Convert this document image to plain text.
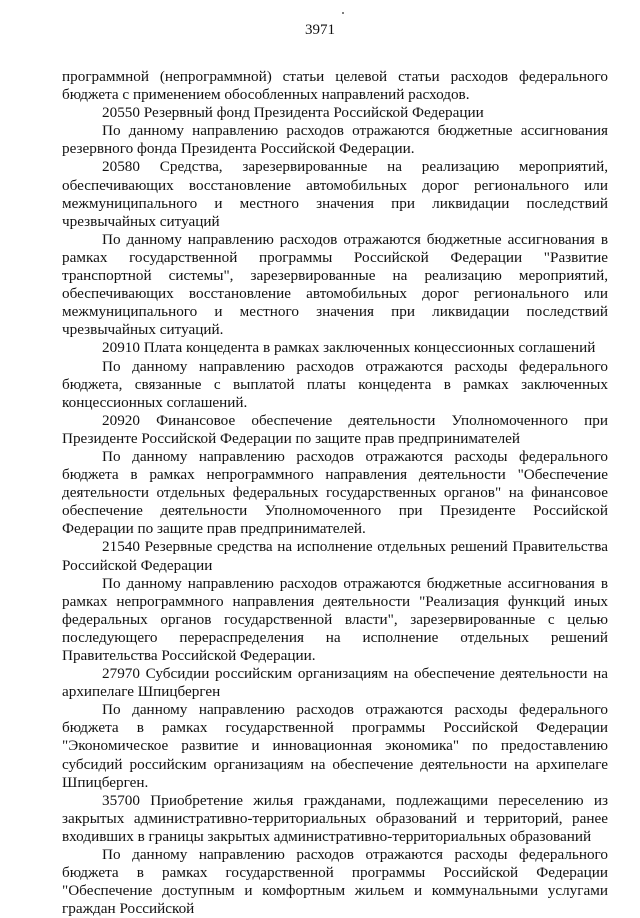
3971

программной (непрограммной) статьи целевой статьи расходов федерального бюджета с применением обособленных направлений расходов.

20550 Резервный фонд Президента Российской Федерации

По данному направлению расходов отражаются бюджетные ассигнования резервного фонда Президента Российской Федерации.

20580 Средства, зарезервированные на реализацию мероприятий, обеспечивающих восстановление автомобильных дорог регионального или межмуниципального и местного значения при ликвидации последствий чрезвычайных ситуаций

По данному направлению расходов отражаются бюджетные ассигнования в рамках государственной программы Российской Федерации "Развитие транспортной системы", зарезервированные на реализацию мероприятий, обеспечивающих восстановление автомобильных дорог регионального или межмуниципального и местного значения при ликвидации последствий чрезвычайных ситуаций.

20910 Плата концедента в рамках заключенных концессионных соглашений

По данному направлению расходов отражаются расходы федерального бюджета, связанные с выплатой платы концедента в рамках заключенных концессионных соглашений.

20920 Финансовое обеспечение деятельности Уполномоченного при Президенте Российской Федерации по защите прав предпринимателей

По данному направлению расходов отражаются расходы федерального бюджета в рамках непрограммного направления деятельности "Обеспечение деятельности отдельных федеральных государственных органов" на финансовое обеспечение деятельности Уполномоченного при Президенте Российской Федерации по защите прав предпринимателей.

21540 Резервные средства на исполнение отдельных решений Правительства Российской Федерации

По данному направлению расходов отражаются бюджетные ассигнования в рамках непрограммного направления деятельности "Реализация функций иных федеральных органов государственной власти", зарезервированные с целью последующего перераспределения на исполнение отдельных решений Правительства Российской Федерации.

27970 Субсидии российским организациям на обеспечение деятельности на архипелаге Шпицберген

По данному направлению расходов отражаются расходы федерального бюджета в рамках государственной программы Российской Федерации "Экономическое развитие и инновационная экономика" по предоставлению субсидий российским организациям на обеспечение деятельности на архипелаге Шпицберген.

35700 Приобретение жилья гражданами, подлежащими переселению из закрытых административно-территориальных образований и территорий, ранее входивших в границы закрытых административно-территориальных образований

По данному направлению расходов отражаются расходы федерального бюджета в рамках государственной программы Российской Федерации "Обеспечение доступным и комфортным жильем и коммунальными услугами граждан Российской
